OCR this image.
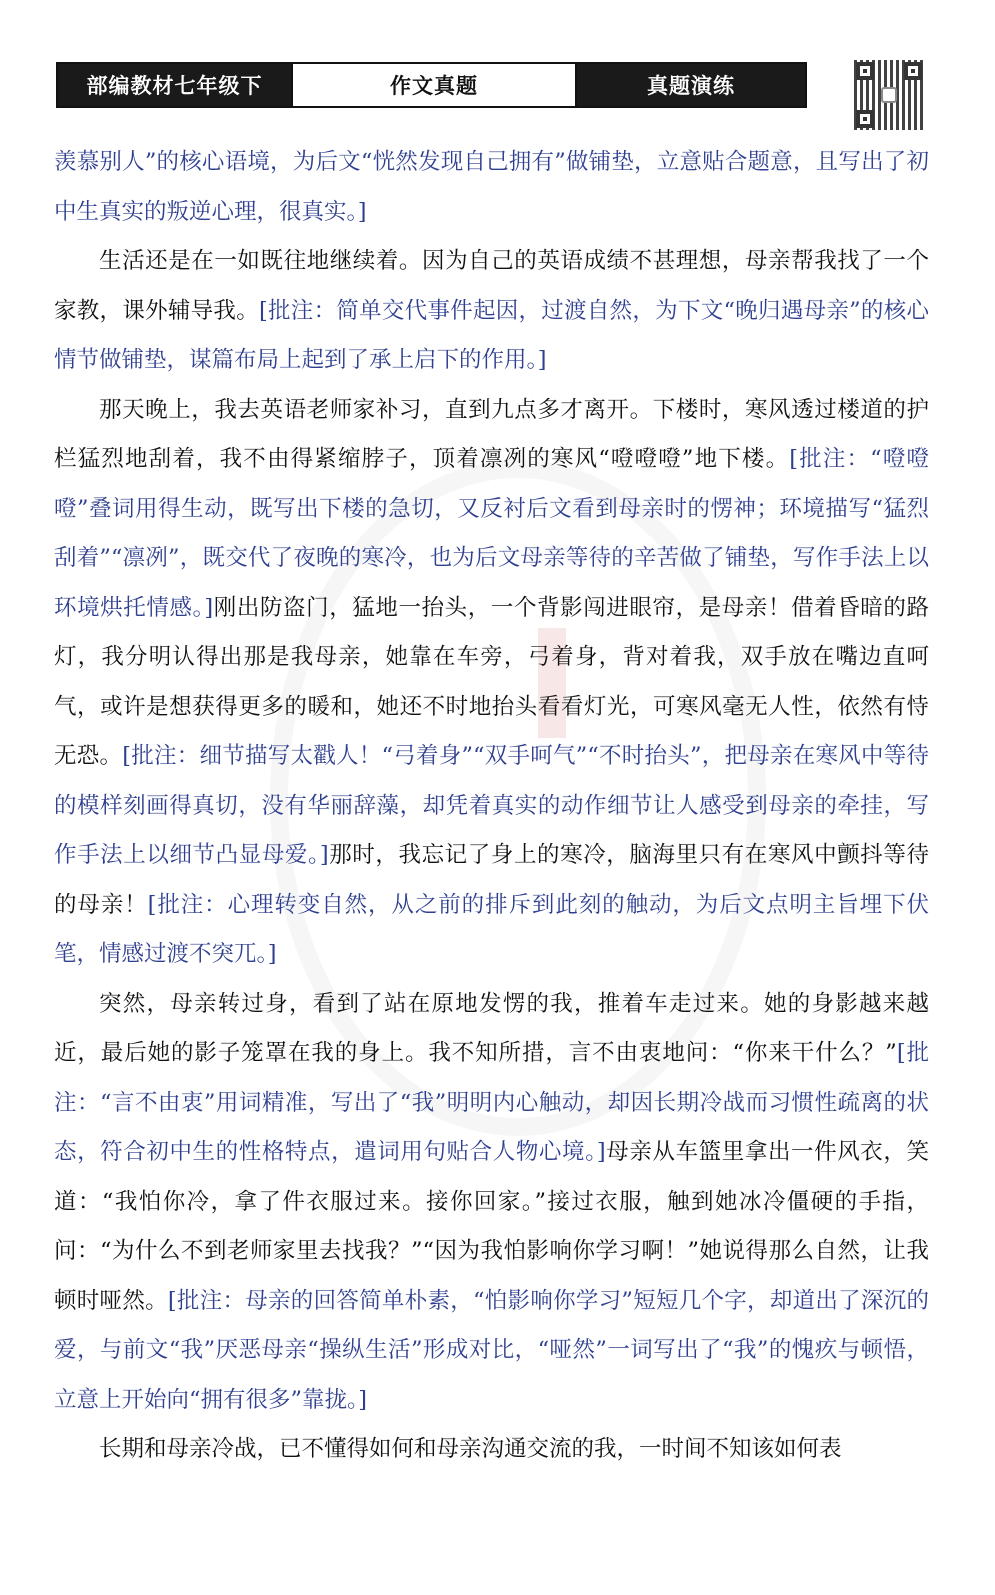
部编教材七年级下	作文真题	真题演练

羡慕别人”的核心语境，为后文“恍然发现自己拥有”做铺垫，立意贴合题意，且写出了初中生真实的叛逆心理，很真实。]

生活还是在一如既往地继续着。因为自己的英语成绩不甚理想，母亲帮我找了一个家教，课外辅导我。[批注：简单交代事件起因，过渡自然，为下文“晚归遇母亲”的核心情节做铺垫，谋篇布局上起到了承上启下的作用。]

那天晚上，我去英语老师家补习，直到九点多才离开。下楼时，寒风透过楼道的护栏猛烈地刮着，我不由得紧缩脖子，顶着凛冽的寒风“噔噔噔”地下楼。[批注：“噔噔噔”叠词用得生动，既写出下楼的急切，又反衬后文看到母亲时的愣神；环境描写“猛烈刮着”“凛冽”，既交代了夜晚的寒冷，也为后文母亲等待的辛苦做了铺垫，写作手法上以环境烘托情感。]刚出防盗门，猛地一抬头，一个背影闯进眼帘，是母亲！借着昏暗的路灯，我分明认得出那是我母亲，她靠在车旁，弓着身，背对着我，双手放在嘴边直呵气，或许是想获得更多的暖和，她还不时地抬头看看灯光，可寒风毫无人性，依然有恃无恐。[批注：细节描写太戳人！“弓着身”“双手呵气”“不时抬头”，把母亲在寒风中等待的模样刻画得真切，没有华丽辞藻，却凭着真实的动作细节让人感受到母亲的牵挂，写作手法上以细节凸显母爱。]那时，我忘记了身上的寒冷，脑海里只有在寒风中颤抖等待的母亲！[批注：心理转变自然，从之前的排斥到此刻的触动，为后文点明主旨埋下伏笔，情感过渡不突兀。]

突然，母亲转过身，看到了站在原地发愣的我，推着车走过来。她的身影越来越近，最后她的影子笼罩在我的身上。我不知所措，言不由衷地问：“你来干什么？”[批注：“言不由衷”用词精准，写出了“我”明明内心触动，却因长期冷战而习惯性疏离的状态，符合初中生的性格特点，遣词用句贴合人物心境。]母亲从车篮里拿出一件风衣，笑道：“我怕你冷，拿了件衣服过来。接你回家。”接过衣服，触到她冰冷僵硬的手指，问：“为什么不到老师家里去找我？”“因为我怕影响你学习啊！”她说得那么自然，让我顿时哑然。[批注：母亲的回答简单朴素，“怕影响你学习”短短几个字，却道出了深沉的爱，与前文“我”厌恶母亲“操纵生活”形成对比，“哑然”一词写出了“我”的愧疚与顿悟，立意上开始向“拥有很多”靠拢。]

长期和母亲冷战，已不懂得如何和母亲沟通交流的我，一时间不知该如何表
